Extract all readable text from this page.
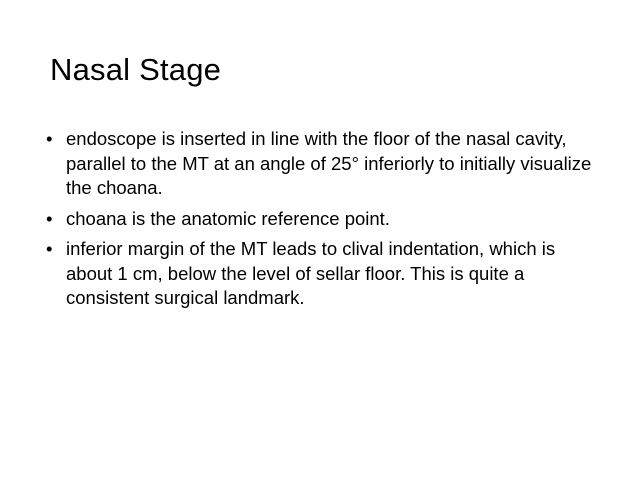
Nasal Stage
• endoscope is inserted in line with the floor of the nasal cavity, parallel to the MT at an angle of 25° inferiorly to initially visualize the choana.
• choana is the anatomic reference point.
• inferior margin of the MT leads to clival indentation, which is about 1 cm, below the level of sellar floor. This is quite a consistent surgical landmark.
